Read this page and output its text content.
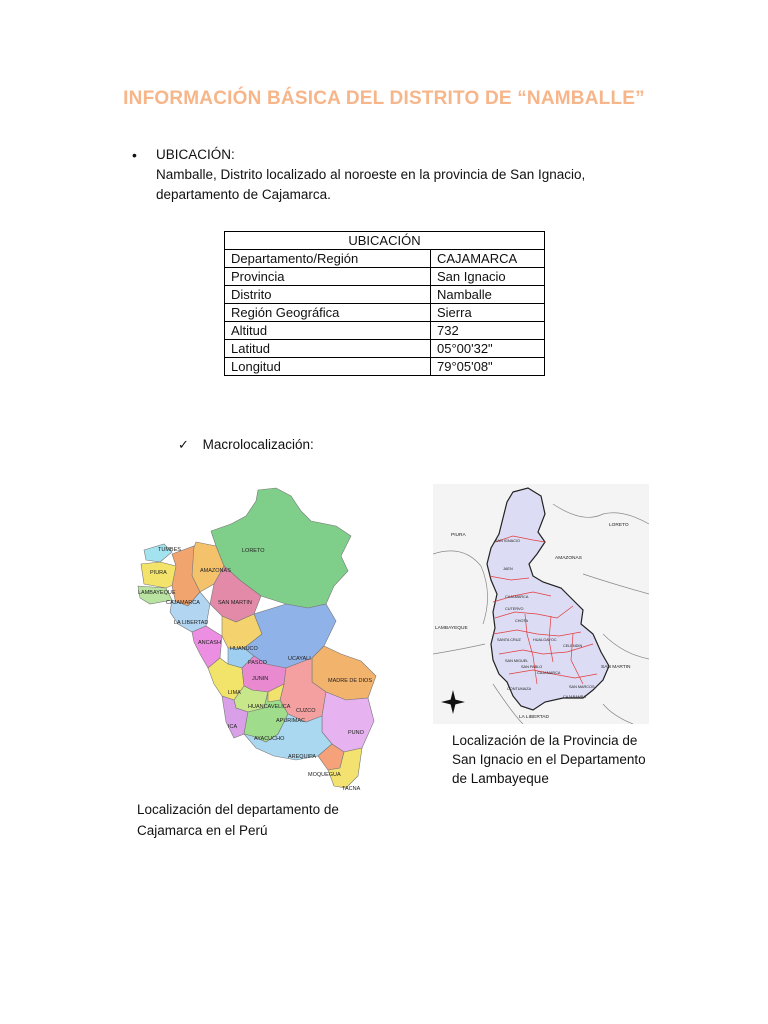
INFORMACIÓN BÁSICA DEL DISTRITO DE “NAMBALLE”
• UBICACIÓN:
Namballe, Distrito localizado al noroeste en la provincia de San Ignacio,
departamento de Cajamarca.
UBICACIÓN	
Departamento/Región	CAJAMARCA
Provincia	San Ignacio
Distrito	Namballe
Región Geográfica	Sierra
Altitud	732
Latitud	05°00'32"
Longitud	79°05'08"
✓ Macrolocalización:
TUMBES
PIURA
LAMBAYEQUE
CAJAMARCA
AMAZONAS
LORETO
SAN MARTIN
LA LIBERTAD
ANCASH
HUANUCO
PASCO
UCAYALI
JUNIN
LIMA
MADRE DE DIOS
HUANCAVELICA
CUZCO
APURIMAC
ICA
AYACUCHO
PUNO
AREQUIPA
MOQUEGUA
TACNA
PIURA
AMAZONAS
LORETO
LAMBAYEQUE
SAN MARTIN
LA LIBERTAD
SAN IGNACIO
JAEN
CAJAMARCA
CUTERVO
CHOTA
SANTA CRUZ	HUALGAYOC
CELENDIN
SAN MIGUEL
SAN PABLO
CAJAMARCA
SAN MARCOS
CONTUMAZA
CAJABAMBA
Localización de la Provincia de
San Ignacio en el Departamento
de Lambayeque
Localización del departamento de
Cajamarca en el Perú
